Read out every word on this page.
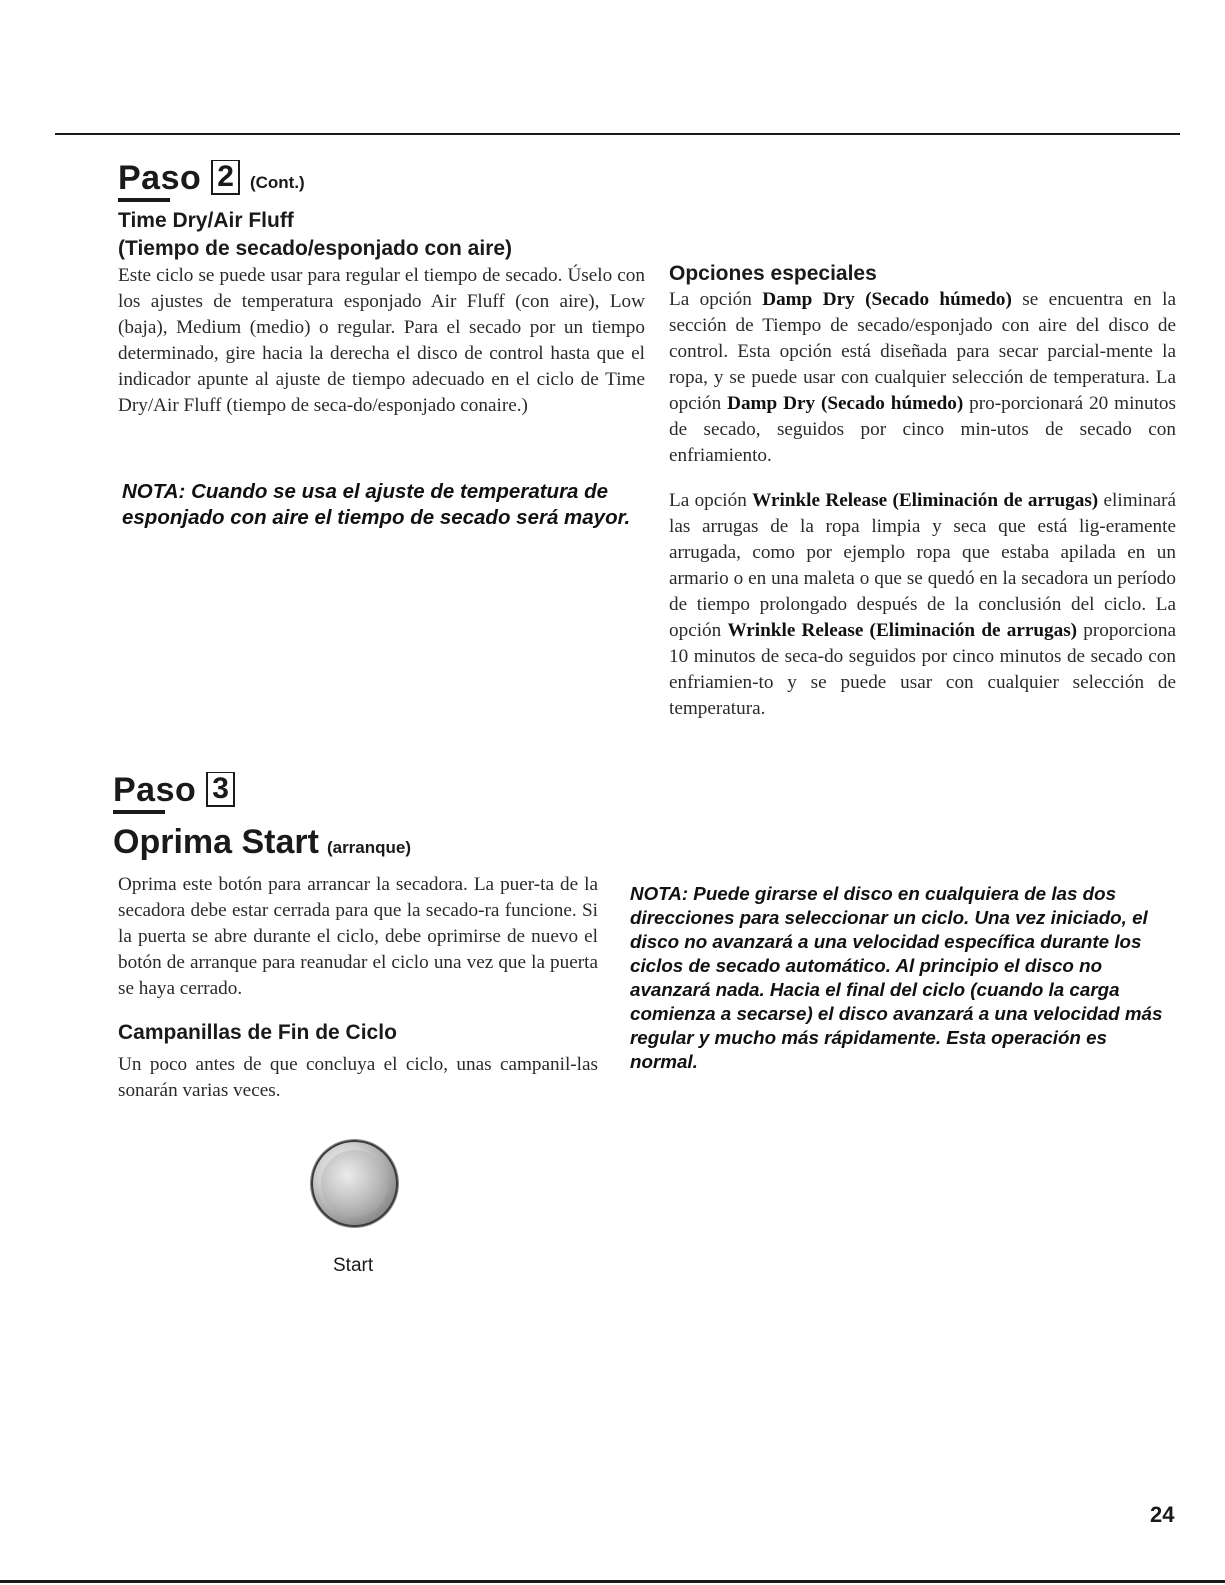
Paso 2 (Cont.)
Time Dry/Air Fluff
(Tiempo de secado/esponjado con aire)
Este ciclo se puede usar para regular el tiempo de secado. Úselo con los ajustes de temperatura esponjado Air Fluff (con aire), Low (baja), Medium (medio) o regular. Para el secado por un tiempo determinado, gire hacia la derecha el disco de control hasta que el indicador apunte al ajuste de tiempo adecuado en el ciclo de Time Dry/Air Fluff (tiempo de seca-do/esponjado conaire.)
NOTA: Cuando se usa el ajuste de temperatura de esponjado con aire el tiempo de secado será mayor.
Opciones especiales
La opción Damp Dry (Secado húmedo) se encuentra en la sección de Tiempo de secado/esponjado con aire del disco de control. Esta opción está diseñada para secar parcial-mente la ropa, y se puede usar con cualquier selección de temperatura. La opción Damp Dry (Secado húmedo) pro-porcionará 20 minutos de secado, seguidos por cinco min-utos de secado con enfriamiento.
La opción Wrinkle Release (Eliminación de arrugas) eliminará las arrugas de la ropa limpia y seca que está lig-eramente arrugada, como por ejemplo ropa que estaba apilada en un armario o en una maleta o que se quedó en la secadora un período de tiempo prolongado después de la conclusión del ciclo. La opción Wrinkle Release (Eliminación de arrugas) proporciona 10 minutos de seca-do seguidos por cinco minutos de secado con enfriamien-to y se puede usar con cualquier selección de temperatura.
Paso 3
Oprima Start (arranque)
Oprima este botón para arrancar la secadora. La puer-ta de la secadora debe estar cerrada para que la secado-ra funcione. Si la puerta se abre durante el ciclo, debe oprimirse de nuevo el botón de arranque para reanudar el ciclo una vez que la puerta se haya cerrado.
Campanillas de Fin de Ciclo
Un poco antes de que concluya el ciclo, unas campanil-las sonarán varias veces.
NOTA: Puede girarse el disco en cualquiera de las dos direcciones para seleccionar un ciclo. Una vez iniciado, el disco no avanzará a una velocidad específica durante los ciclos de secado automático. Al principio el disco no avanzará nada. Hacia el final del ciclo (cuando la carga comienza a secarse) el disco avanzará a una velocidad más regular y mucho más rápidamente. Esta operación es normal.
Start
24
